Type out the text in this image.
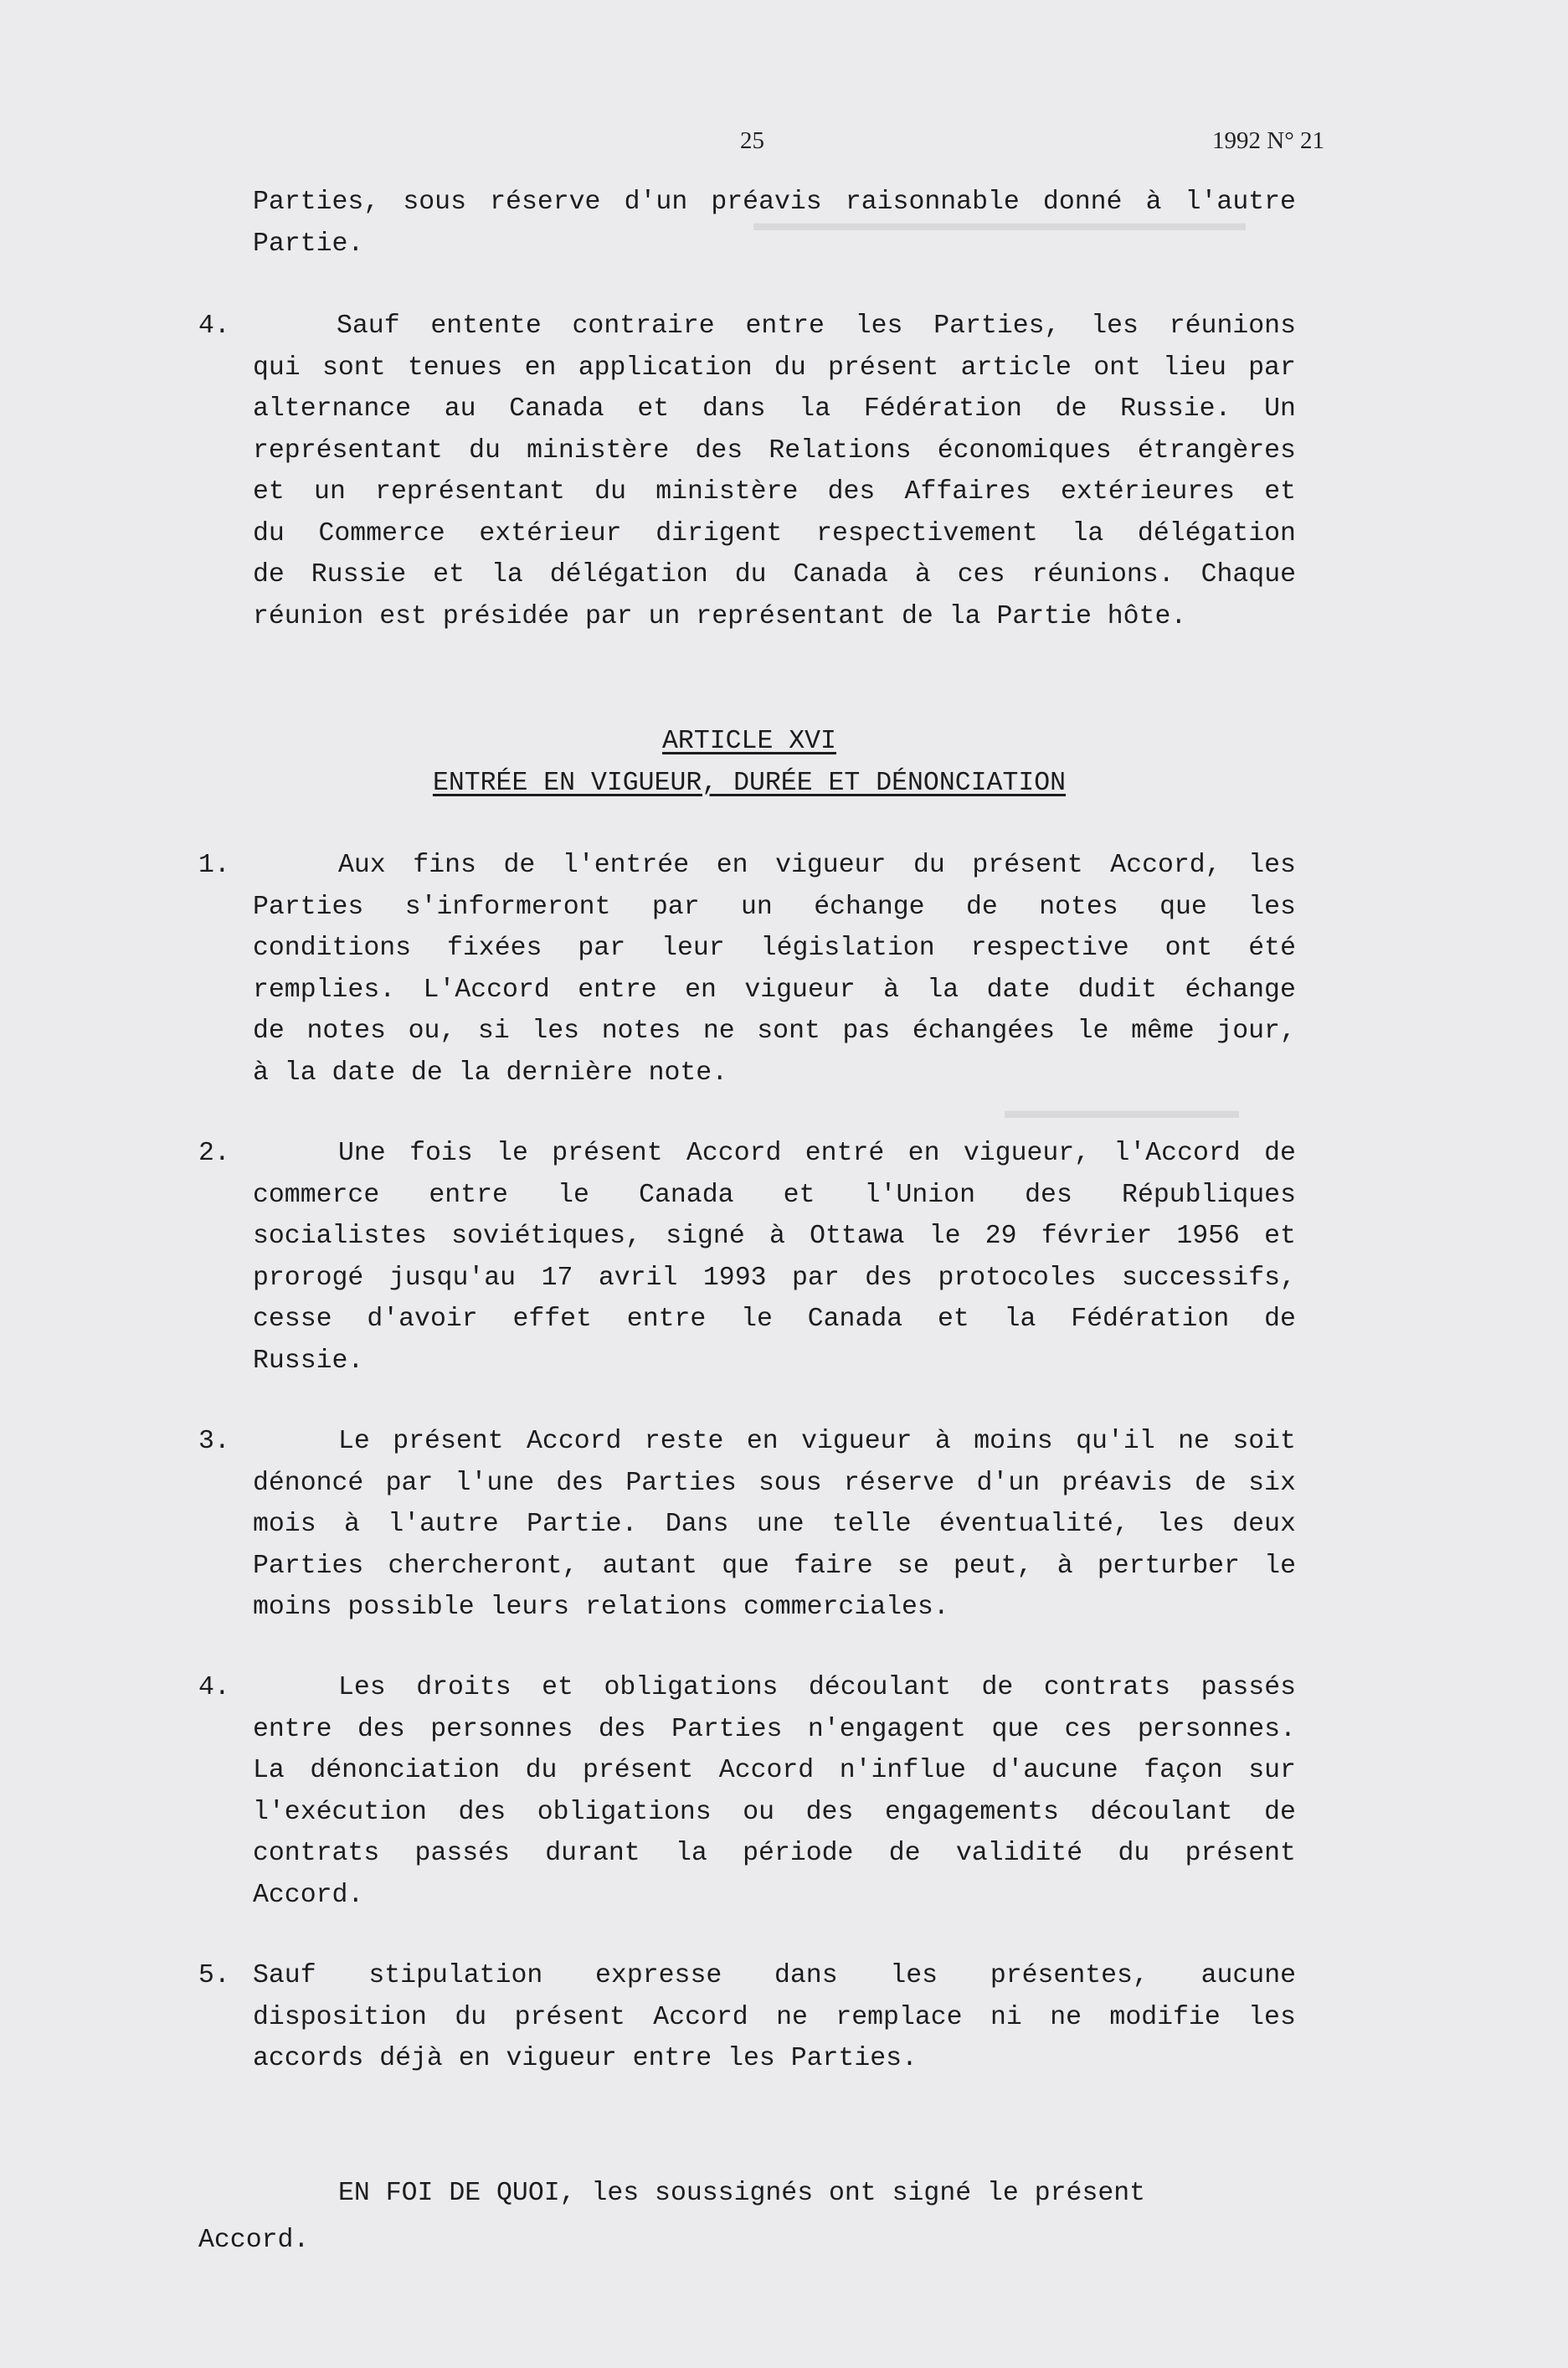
▬▬▬▬▬▬▬▬▬▬▬▬▬▬▬▬▬▬▬▬▬
▬▬▬▬▬▬▬▬▬▬
25	1992 N° 21
ARTICLE XVI
ENTRÉE EN VIGUEUR, DURÉE ET DÉNONCIATION
EN FOI DE QUOI, les soussignés ont signé le présent
Accord.
Parties, sous réserve d'un préavis raisonnable donné à l'autre
Partie.
4.	Sauf entente contraire entre les Parties, les réunions
qui sont tenues en application du présent article ont lieu par
alternance au Canada et dans la Fédération de Russie. Un
représentant du ministère des Relations économiques étrangères
et un représentant du ministère des Affaires extérieures et
du Commerce extérieur dirigent respectivement la délégation
de Russie et la délégation du Canada à ces réunions. Chaque
réunion est présidée par un représentant de la Partie hôte.
1.	Aux fins de l'entrée en vigueur du présent Accord, les
Parties s'informeront par un échange de notes que les
conditions fixées par leur législation respective ont été
remplies. L'Accord entre en vigueur à la date dudit échange
de notes ou, si les notes ne sont pas échangées le même jour,
à la date de la dernière note.
2.	Une fois le présent Accord entré en vigueur, l'Accord de
commerce entre le Canada et l'Union des Républiques
socialistes soviétiques, signé à Ottawa le 29 février 1956 et
prorogé jusqu'au 17 avril 1993 par des protocoles successifs,
cesse d'avoir effet entre le Canada et la Fédération de
Russie.
3.	Le présent Accord reste en vigueur à moins qu'il ne soit
dénoncé par l'une des Parties sous réserve d'un préavis de six
mois à l'autre Partie. Dans une telle éventualité, les deux
Parties chercheront, autant que faire se peut, à perturber le
moins possible leurs relations commerciales.
4.	Les droits et obligations découlant de contrats passés
entre des personnes des Parties n'engagent que ces personnes.
La dénonciation du présent Accord n'influe d'aucune façon sur
l'exécution des obligations ou des engagements découlant de
contrats passés durant la période de validité du présent
Accord.
5. Sauf stipulation expresse dans les présentes, aucune
disposition du présent Accord ne remplace ni ne modifie les
accords déjà en vigueur entre les Parties.
